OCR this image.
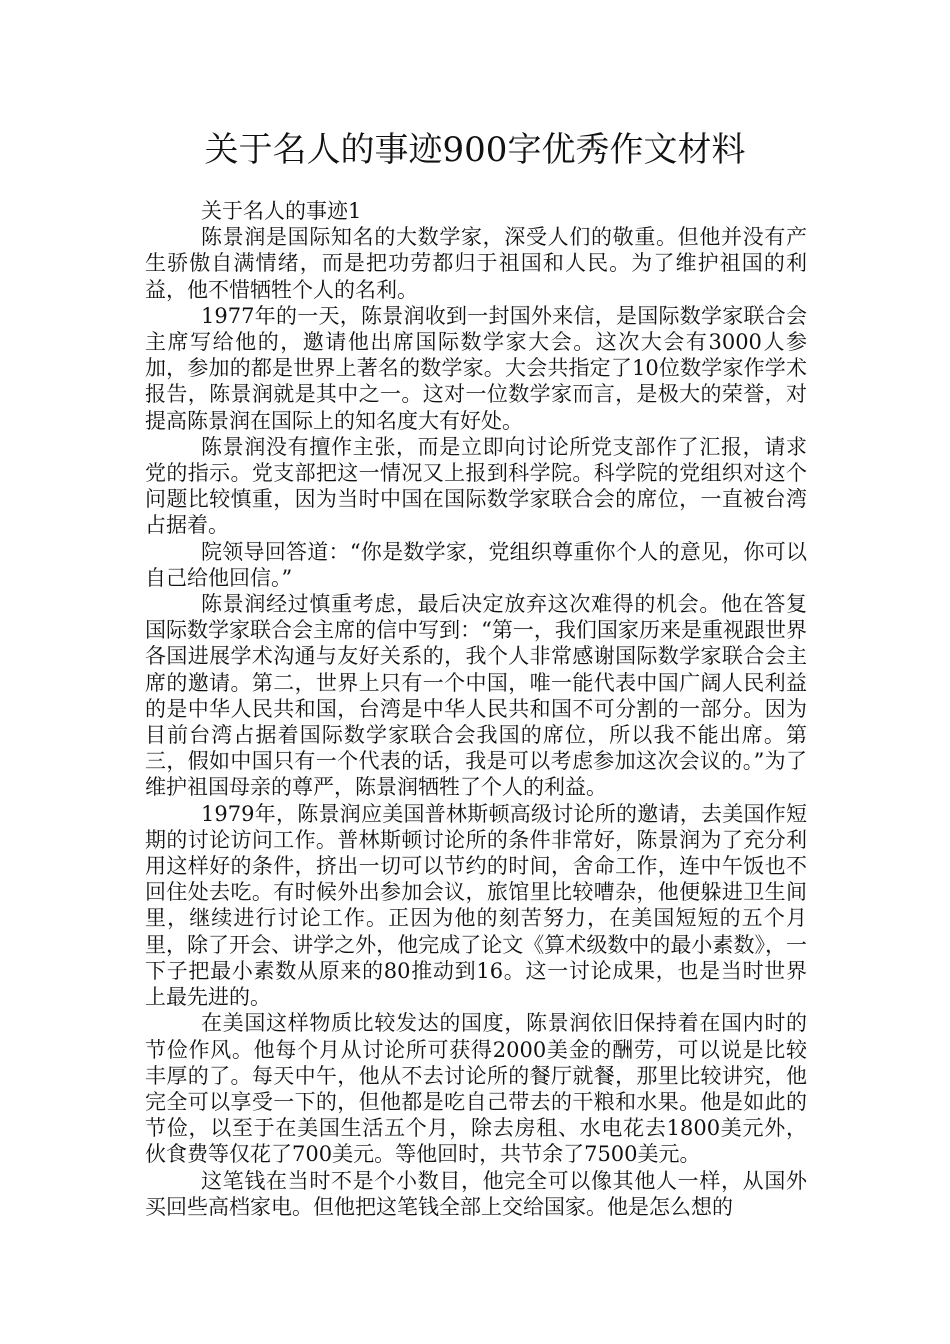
关于名人的事迹900字优秀作文材料
关于名人的事迹1

陈景润是国际知名的大数学家，深受人们的敬重。但他并没有产生骄傲自满情绪，而是把功劳都归于祖国和人民。为了维护祖国的利益，他不惜牺牲个人的名利。

1977年的一天，陈景润收到一封国外来信，是国际数学家联合会主席写给他的，邀请他出席国际数学家大会。这次大会有3000人参加，参加的都是世界上著名的数学家。大会共指定了10位数学家作学术报告，陈景润就是其中之一。这对一位数学家而言，是极大的荣誉，对提高陈景润在国际上的知名度大有好处。

陈景润没有擅作主张，而是立即向讨论所党支部作了汇报，请求党的指示。党支部把这一情况又上报到科学院。科学院的党组织对这个问题比较慎重，因为当时中国在国际数学家联合会的席位，一直被台湾占据着。

院领导回答道：“你是数学家，党组织尊重你个人的意见，你可以自己给他回信。”

陈景润经过慎重考虑，最后决定放弃这次难得的机会。他在答复国际数学家联合会主席的信中写到：“第一，我们国家历来是重视跟世界各国进展学术沟通与友好关系的，我个人非常感谢国际数学家联合会主席的邀请。第二，世界上只有一个中国，唯一能代表中国广阔人民利益的是中华人民共和国，台湾是中华人民共和国不可分割的一部分。因为目前台湾占据着国际数学家联合会我国的席位，所以我不能出席。第三，假如中国只有一个代表的话，我是可以考虑参加这次会议的。”为了维护祖国母亲的尊严，陈景润牺牲了个人的利益。

1979年，陈景润应美国普林斯顿高级讨论所的邀请，去美国作短期的讨论访问工作。普林斯顿讨论所的条件非常好，陈景润为了充分利用这样好的条件，挤出一切可以节约的时间，舍命工作，连中午饭也不回住处去吃。有时候外出参加会议，旅馆里比较嘈杂，他便躲进卫生间里，继续进行讨论工作。正因为他的刻苦努力，在美国短短的五个月里，除了开会、讲学之外，他完成了论文《算术级数中的最小素数》，一下子把最小素数从原来的80推动到16。这一讨论成果，也是当时世界上最先进的。

在美国这样物质比较发达的国度，陈景润依旧保持着在国内时的节俭作风。他每个月从讨论所可获得2000美金的酬劳，可以说是比较丰厚的了。每天中午，他从不去讨论所的餐厅就餐，那里比较讲究，他完全可以享受一下的，但他都是吃自己带去的干粮和水果。他是如此的节俭，以至于在美国生活五个月，除去房租、水电花去1800美元外，伙食费等仅花了700美元。等他回时，共节余了7500美元。

这笔钱在当时不是个小数目，他完全可以像其他人一样，从国外买回些高档家电。但他把这笔钱全部上交给国家。他是怎么想的
